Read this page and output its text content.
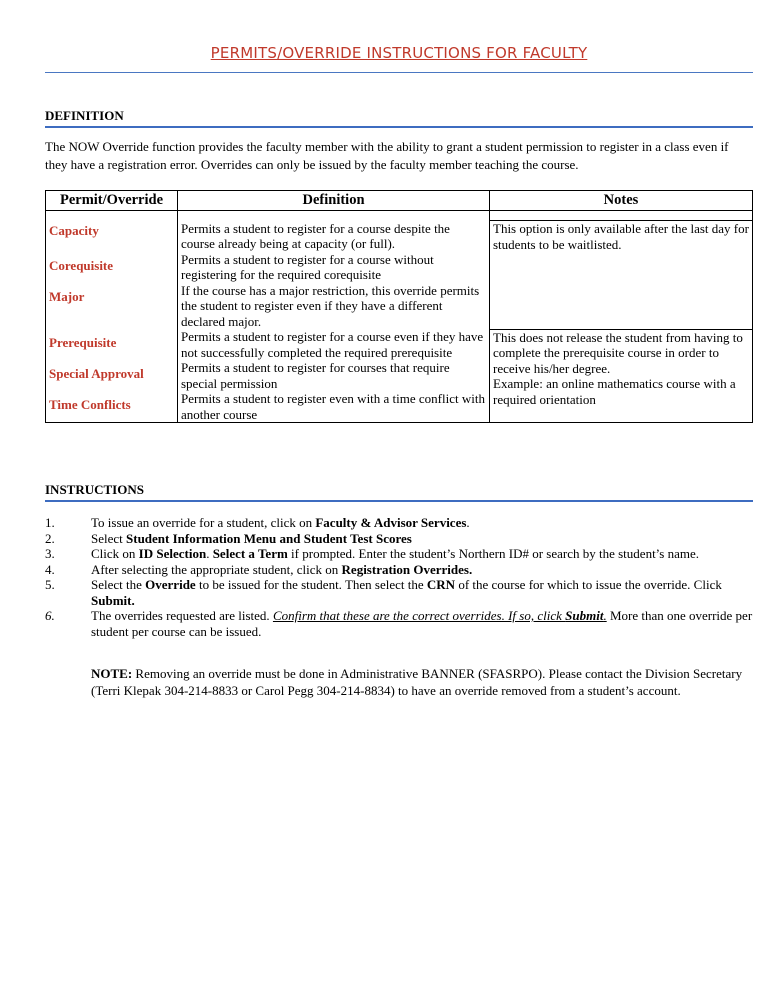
PERMITS/OVERRIDE INSTRUCTIONS FOR FACULTY
DEFINITION
The NOW Override function provides the faculty member with the ability to grant a student permission to register in a class even if they have a registration error. Overrides can only be issued by the faculty member teaching the course.
Permit/Override	Definition	Notes

Capacity	Permits a student to register for a course despite the course already being at capacity (or full).	This option is only available after the last day for students to be waitlisted.

Corequisite	Permits a student to register for a course without registering for the required corequisite	
Major	If the course has a major restriction, this override permits the student to register even if they have a different declared major.	
Prerequisite	Permits a student to register for a course even if they have not successfully completed the required prerequisite	This does not release the student from having to complete the prerequisite course in order to receive his/her degree.
Example: an online mathematics course with a required orientation

Special Approval	Permits a student to register for courses that require special permission	
Time Conflicts	Permits a student to register even with a time conflict with another course	
INSTRUCTIONS
1.	To issue an override for a student, click on Faculty & Advisor Services.
2.	Select Student Information Menu and Student Test Scores
3.	Click on ID Selection. Select a Term if prompted. Enter the student’s Northern ID# or search by the student’s name.
4.	After selecting the appropriate student, click on Registration Overrides.
5.	Select the Override to be issued for the student. Then select the CRN of the course for which to issue the override. Click Submit.
6.	The overrides requested are listed. Confirm that these are the correct overrides. If so, click Submit. More than one override per student per course can be issued.
NOTE: Removing an override must be done in Administrative BANNER (SFASRPO). Please contact the Division Secretary (Terri Klepak 304-214-8833 or Carol Pegg 304-214-8834) to have an override removed from a student’s account.
